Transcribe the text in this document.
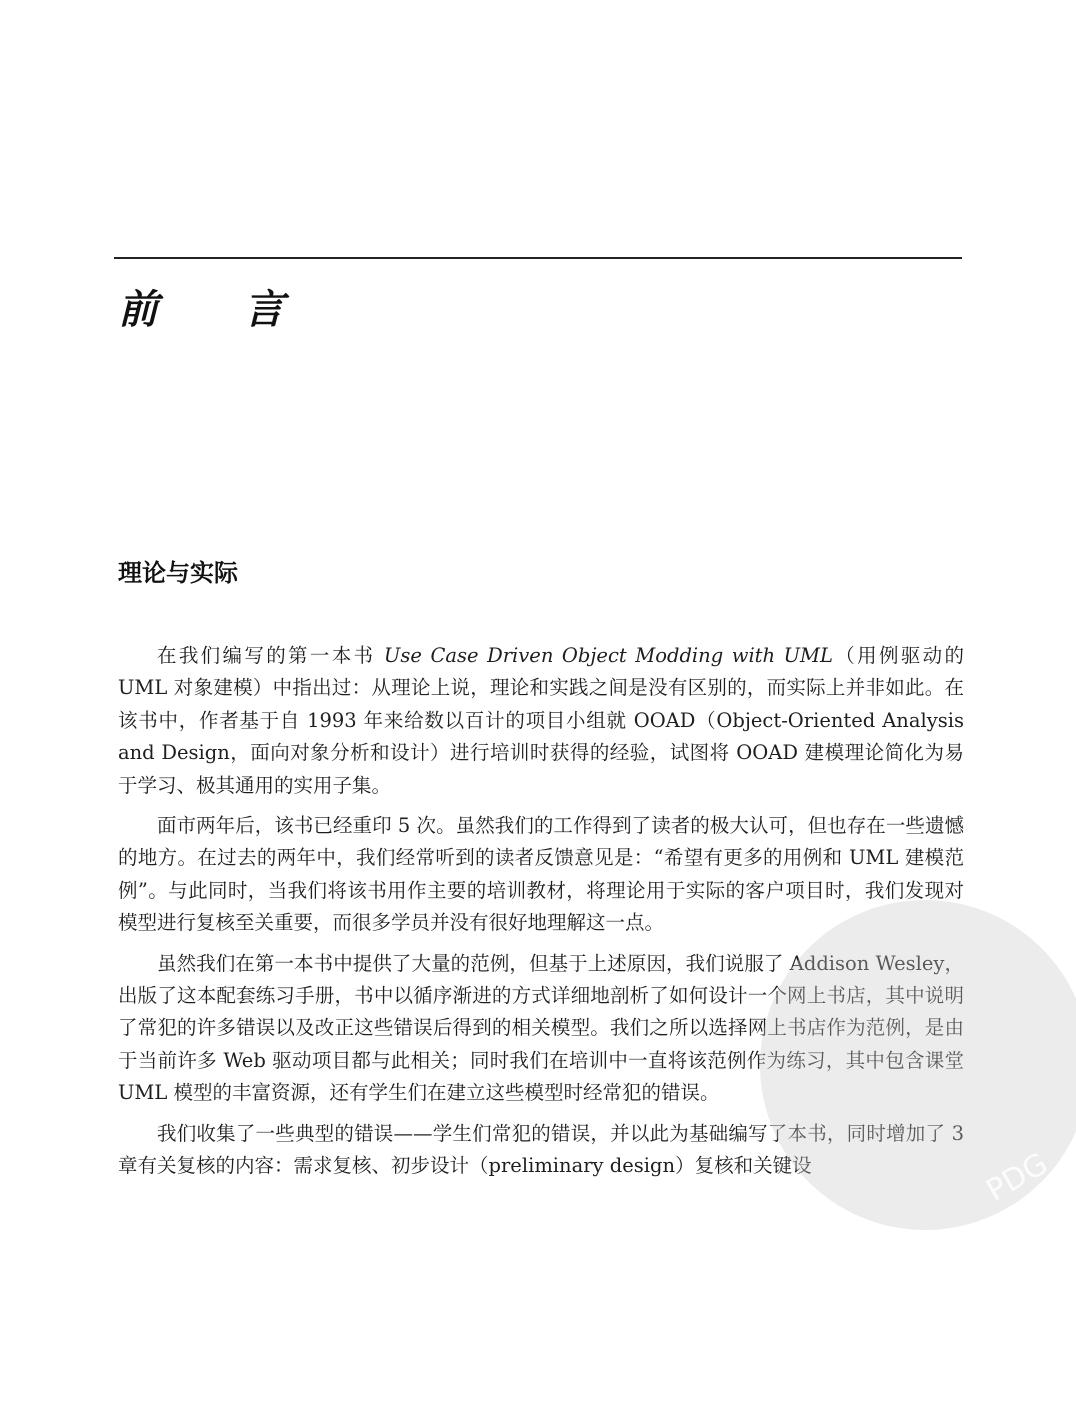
前 言
理论与实际

在我们编写的第一本书 Use Case Driven Object Modding with UML（用例驱动的 UML 对象建模）中指出过：从理论上说，理论和实践之间是没有区别的，而实际上并非如此。在该书中，作者基于自 1993 年来给数以百计的项目小组就 OOAD（Object-Oriented Analysis and Design，面向对象分析和设计）进行培训时获得的经验，试图将 OOAD 建模理论简化为易于学习、极其通用的实用子集。

面市两年后，该书已经重印 5 次。虽然我们的工作得到了读者的极大认可，但也存在一些遗憾的地方。在过去的两年中，我们经常听到的读者反馈意见是：“希望有更多的用例和 UML 建模范例”。与此同时，当我们将该书用作主要的培训教材，将理论用于实际的客户项目时，我们发现对模型进行复核至关重要，而很多学员并没有很好地理解这一点。

虽然我们在第一本书中提供了大量的范例，但基于上述原因，我们说服了 Addison Wesley，出版了这本配套练习手册，书中以循序渐进的方式详细地剖析了如何设计一个网上书店，其中说明了常犯的许多错误以及改正这些错误后得到的相关模型。我们之所以选择网上书店作为范例，是由于当前许多 Web 驱动项目都与此相关；同时我们在培训中一直将该范例作为练习，其中包含课堂 UML 模型的丰富资源，还有学生们在建立这些模型时经常犯的错误。

我们收集了一些典型的错误——学生们常犯的错误，并以此为基础编写了本书，同时增加了 3 章有关复核的内容：需求复核、初步设计（preliminary design）复核和关键设	PDG
